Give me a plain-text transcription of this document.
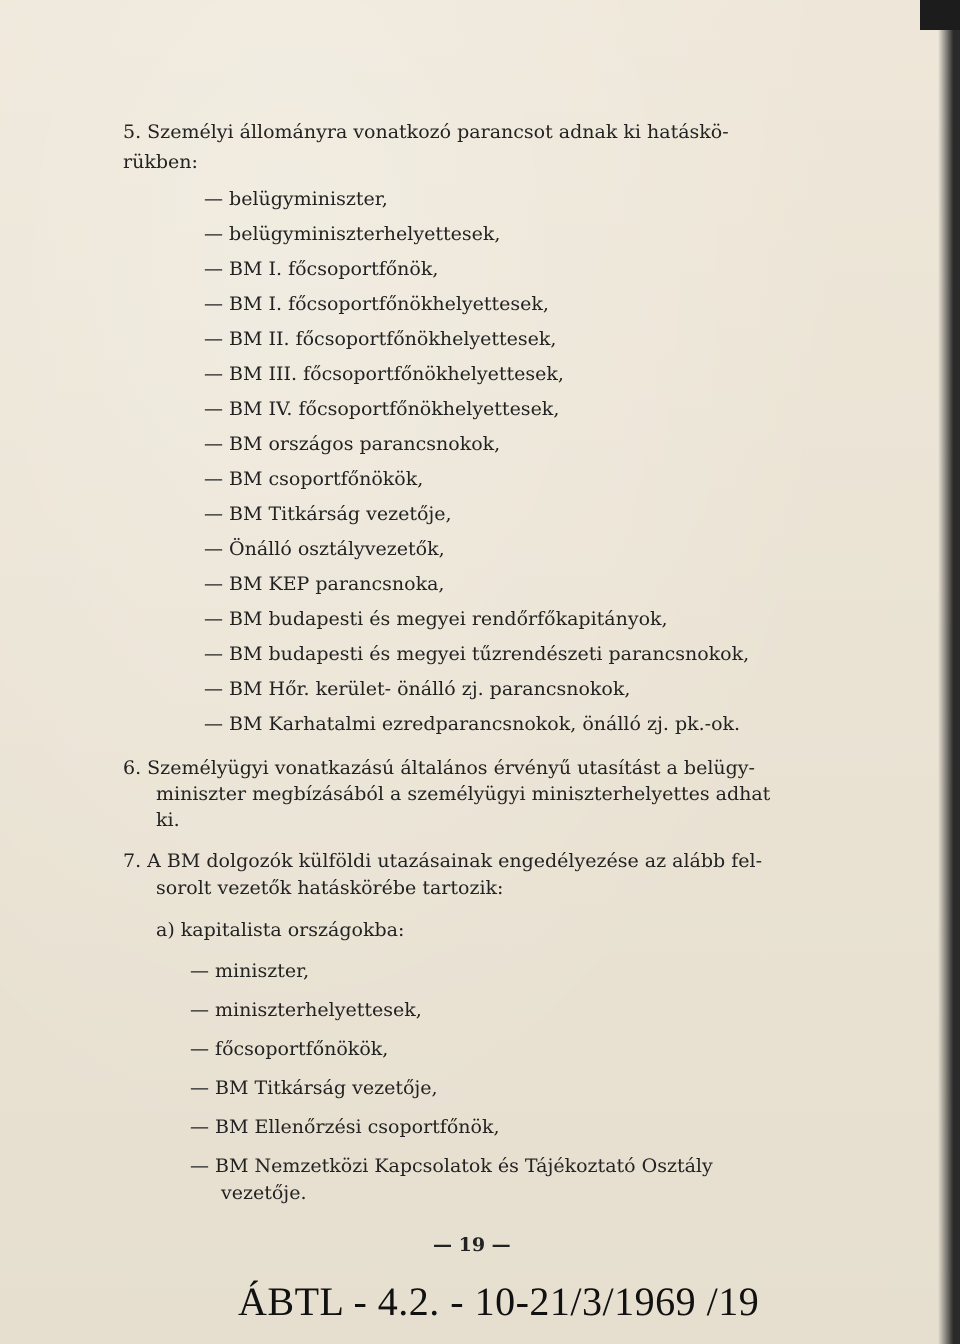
5. Személyi állományra vonatkozó parancsot adnak ki hatáskö-
rükben:
— belügyminiszter,
— belügyminiszterhelyettesek,
— BM I. főcsoportfőnök,
— BM I. főcsoportfőnökhelyettesek,
— BM II. főcsoportfőnökhelyettesek,
— BM III. főcsoportfőnökhelyettesek,
— BM IV. főcsoportfőnökhelyettesek,
— BM országos parancsnokok,
— BM csoportfőnökök,
— BM Titkárság vezetője,
— Önálló osztályvezetők,
— BM KEP parancsnoka,
— BM budapesti és megyei rendőrfőkapitányok,
— BM budapesti és megyei tűzrendészeti parancsnokok,
— BM Hőr. kerület- önálló zj. parancsnokok,
— BM Karhatalmi ezredparancsnokok, önálló zj. pk.-ok.
6. Személyügyi vonatkazású általános érvényű utasítást a belügy-
miniszter megbízásából a személyügyi miniszterhelyettes adhat
ki.
7. A BM dolgozók külföldi utazásainak engedélyezése az alább fel-
sorolt vezetők hatáskörébe tartozik:
a) kapitalista országokba:
— miniszter,
— miniszterhelyettesek,
— főcsoportfőnökök,
— BM Titkárság vezetője,
— BM Ellenőrzési csoportfőnök,
— BM Nemzetközi Kapcsolatok és Tájékoztató Osztály
vezetője.
— 19 —
ÁBTL - 4.2. - 10-21/3/1969 /19
